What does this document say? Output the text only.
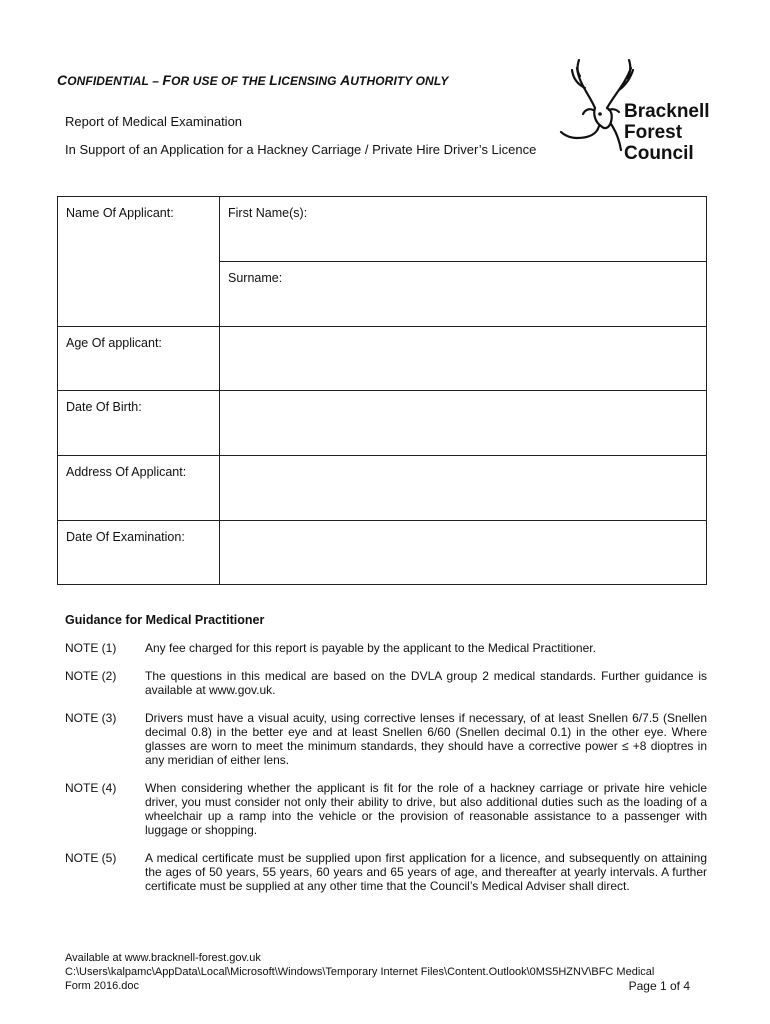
CONFIDENTIAL – FOR USE OF THE LICENSING AUTHORITY ONLY
Report of Medical Examination
In Support of an Application for a Hackney Carriage / Private Hire Driver’s Licence
Bracknell
Forest
Council
Name Of Applicant:	First Name(s):
	Surname:
Age Of applicant:	
Date Of Birth:	
Address Of Applicant:	
Date Of Examination:	
Guidance for Medical Practitioner
NOTE (1) Any fee charged for this report is payable by the applicant to the Medical Practitioner.
NOTE (2) The questions in this medical are based on the DVLA group 2 medical standards. Further guidance is available at www.gov.uk.
NOTE (3) Drivers must have a visual acuity, using corrective lenses if necessary, of at least Snellen 6/7.5 (Snellen decimal 0.8) in the better eye and at least Snellen 6/60 (Snellen decimal 0.1) in the other eye. Where glasses are worn to meet the minimum standards, they should have a corrective power ≤ +8 dioptres in any meridian of either lens.
NOTE (4) When considering whether the applicant is fit for the role of a hackney carriage or private hire vehicle driver, you must consider not only their ability to drive, but also additional duties such as the loading of a wheelchair up a ramp into the vehicle or the provision of reasonable assistance to a passenger with luggage or shopping.
NOTE (5) A medical certificate must be supplied upon first application for a licence, and subsequently on attaining the ages of 50 years, 55 years, 60 years and 65 years of age, and thereafter at yearly intervals. A further certificate must be supplied at any other time that the Council’s Medical Adviser shall direct.
Available at www.bracknell-forest.gov.uk
C:\Users\kalpamc\AppData\Local\Microsoft\Windows\Temporary Internet Files\Content.Outlook\0MS5HZNV\BFC Medical
Form 2016.doc	Page 1 of 4
